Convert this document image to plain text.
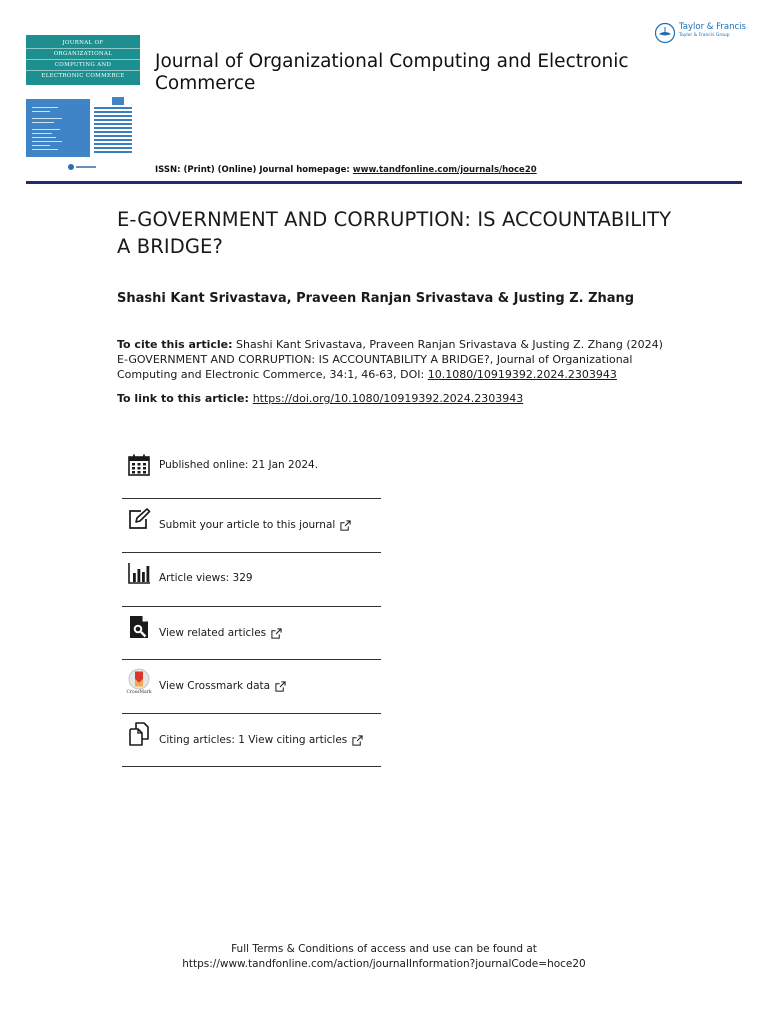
JOURNAL OF
ORGANIZATIONAL
COMPUTING AND
ELECTRONIC COMMERCE
Journal of Organizational Computing and Electronic Commerce
Taylor & Francis
Taylor & Francis Group
ISSN: (Print) (Online) Journal homepage: www.tandfonline.com/journals/hoce20
E-GOVERNMENT AND CORRUPTION: IS ACCOUNTABILITY A BRIDGE?
Shashi Kant Srivastava, Praveen Ranjan Srivastava & Justing Z. Zhang
To cite this article: Shashi Kant Srivastava, Praveen Ranjan Srivastava & Justing Z. Zhang (2024) E-GOVERNMENT AND CORRUPTION: IS ACCOUNTABILITY A BRIDGE?, Journal of Organizational Computing and Electronic Commerce, 34:1, 46-63, DOI: 10.1080/10919392.2024.2303943
To link to this article: https://doi.org/10.1080/10919392.2024.2303943
Published online: 21 Jan 2024.
Submit your article to this journal
Article views: 329
View related articles
CrossMark
View Crossmark data
Citing articles: 1 View citing articles
Full Terms & Conditions of access and use can be found at
https://www.tandfonline.com/action/journalInformation?journalCode=hoce20
